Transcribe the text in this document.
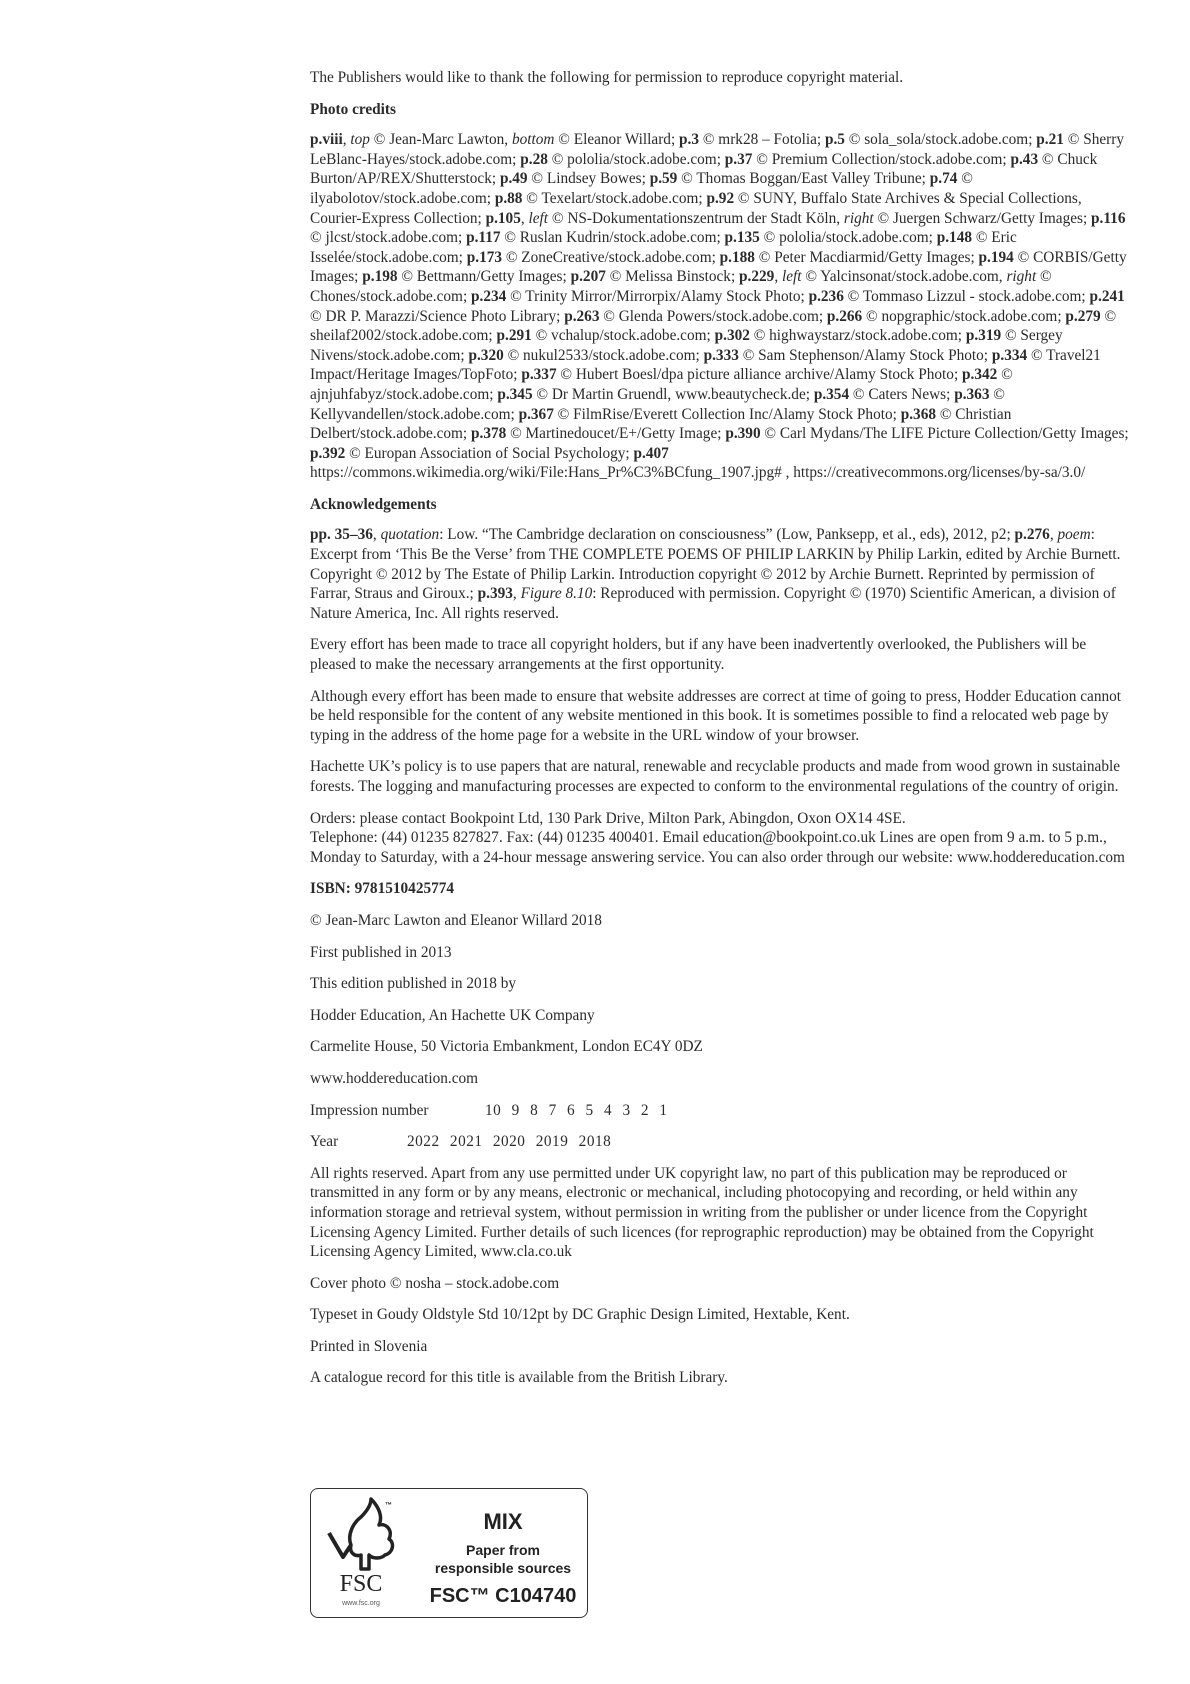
The Publishers would like to thank the following for permission to reproduce copyright material.

Photo credits

p.viii, top © Jean-Marc Lawton, bottom © Eleanor Willard; p.3 © mrk28 – Fotolia; p.5 © sola_sola/stock.adobe.com; p.21 © Sherry LeBlanc-Hayes/stock.adobe.com; p.28 © pololia/stock.adobe.com; p.37 © Premium Collection/stock.adobe.com; p.43 © Chuck Burton/AP/REX/Shutterstock; p.49 © Lindsey Bowes; p.59 © Thomas Boggan/East Valley Tribune; p.74 © ilyabolotov/stock.adobe.com; p.88 © Texelart/stock.adobe.com; p.92 © SUNY, Buffalo State Archives & Special Collections, Courier-Express Collection; p.105, left © NS-Dokumentationszentrum der Stadt Köln, right © Juergen Schwarz/Getty Images; p.116 © jlcst/stock.adobe.com; p.117 © Ruslan Kudrin/stock.adobe.com; p.135 © pololia/stock.adobe.com; p.148 © Eric Isselée/stock.adobe.com; p.173 © ZoneCreative/stock.adobe.com; p.188 © Peter Macdiarmid/Getty Images; p.194 © CORBIS/Getty Images; p.198 © Bettmann/Getty Images; p.207 © Melissa Binstock; p.229, left © Yalcinsonat/stock.adobe.com, right © Chones/stock.adobe.com; p.234 © Trinity Mirror/Mirrorpix/Alamy Stock Photo; p.236 © Tommaso Lizzul - stock.adobe.com; p.241 © DR P. Marazzi/Science Photo Library; p.263 © Glenda Powers/stock.adobe.com; p.266 © nopgraphic/stock.adobe.com; p.279 © sheilaf2002/stock.adobe.com; p.291 © vchalup/stock.adobe.com; p.302 © highwaystarz/stock.adobe.com; p.319 © Sergey Nivens/stock.adobe.com; p.320 © nukul2533/stock.adobe.com; p.333 © Sam Stephenson/Alamy Stock Photo; p.334 © Travel21 Impact/Heritage Images/TopFoto; p.337 © Hubert Boesl/dpa picture alliance archive/Alamy Stock Photo; p.342 © ajnjuhfabyz/stock.adobe.com; p.345 © Dr Martin Gruendl, www.beautycheck.de; p.354 © Caters News; p.363 © Kellyvandellen/stock.adobe.com; p.367 © FilmRise/Everett Collection Inc/Alamy Stock Photo; p.368 © Christian Delbert/stock.adobe.com; p.378 © Martinedoucet/E+/Getty Image; p.390 © Carl Mydans/The LIFE Picture Collection/Getty Images; p.392 © Europan Association of Social Psychology; p.407 https://commons.wikimedia.org/wiki/File:Hans_Pr%C3%BCfung_1907.jpg# , https://creativecommons.org/licenses/by-sa/3.0/

Acknowledgements

pp. 35–36, quotation: Low. “The Cambridge declaration on consciousness” (Low, Panksepp, et al., eds), 2012, p2; p.276, poem: Excerpt from ‘This Be the Verse’ from THE COMPLETE POEMS OF PHILIP LARKIN by Philip Larkin, edited by Archie Burnett. Copyright © 2012 by The Estate of Philip Larkin. Introduction copyright © 2012 by Archie Burnett. Reprinted by permission of Farrar, Straus and Giroux.; p.393, Figure 8.10: Reproduced with permission. Copyright © (1970) Scientific American, a division of Nature America, Inc. All rights reserved.

Every effort has been made to trace all copyright holders, but if any have been inadvertently overlooked, the Publishers will be pleased to make the necessary arrangements at the first opportunity.

Although every effort has been made to ensure that website addresses are correct at time of going to press, Hodder Education cannot be held responsible for the content of any website mentioned in this book. It is sometimes possible to find a relocated web page by typing in the address of the home page for a website in the URL window of your browser.

Hachette UK’s policy is to use papers that are natural, renewable and recyclable products and made from wood grown in sustainable forests. The logging and manufacturing processes are expected to conform to the environmental regulations of the country of origin.

Orders: please contact Bookpoint Ltd, 130 Park Drive, Milton Park, Abingdon, Oxon OX14 4SE.
Telephone: (44) 01235 827827. Fax: (44) 01235 400401. Email education@bookpoint.co.uk Lines are open from 9 a.m. to 5 p.m., Monday to Saturday, with a 24-hour message answering service. You can also order through our website: www.hoddereducation.com

ISBN: 9781510425774

© Jean-Marc Lawton and Eleanor Willard 2018

First published in 2013

This edition published in 2018 by

Hodder Education, An Hachette UK Company

Carmelite House, 50 Victoria Embankment, London EC4Y 0DZ

www.hoddereducation.com

Impression number	10 9 8 7 6 5 4 3 2 1

Year	2022 2021 2020 2019 2018

All rights reserved. Apart from any use permitted under UK copyright law, no part of this publication may be reproduced or transmitted in any form or by any means, electronic or mechanical, including photocopying and recording, or held within any information storage and retrieval system, without permission in writing from the publisher or under licence from the Copyright Licensing Agency Limited. Further details of such licences (for reprographic reproduction) may be obtained from the Copyright Licensing Agency Limited, www.cla.co.uk

Cover photo © nosha – stock.adobe.com

Typeset in Goudy Oldstyle Std 10/12pt by DC Graphic Design Limited, Hextable, Kent.

Printed in Slovenia

A catalogue record for this title is available from the British Library.

™
FSC
www.fsc.org
MIX
Paper from
responsible sources
FSC™ C104740
